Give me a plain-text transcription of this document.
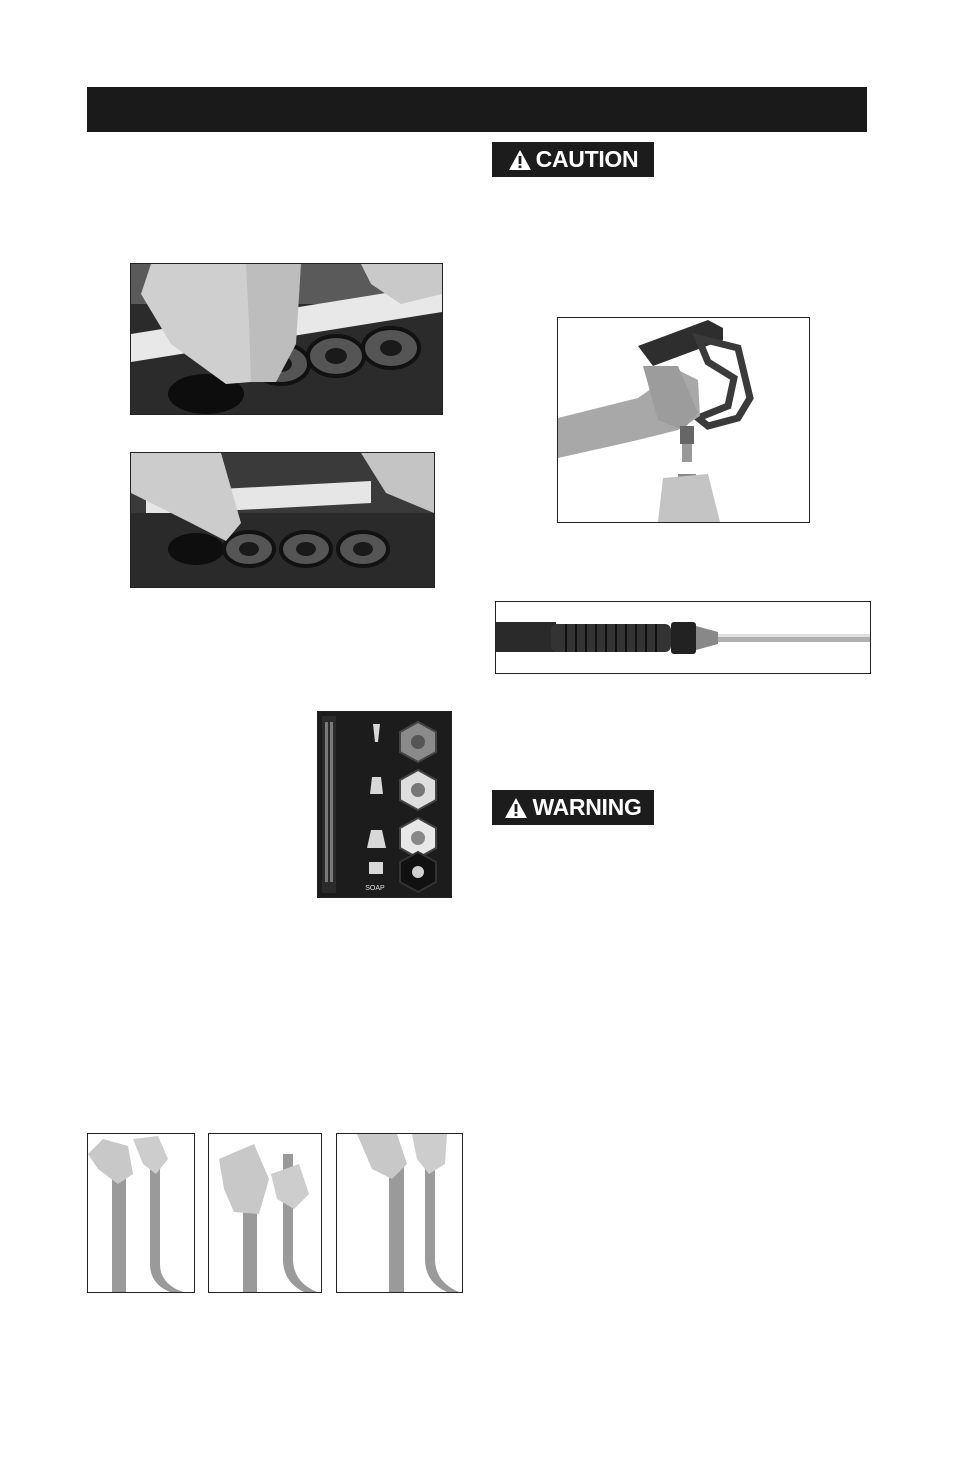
CAUTION
WARNING
SOAP
